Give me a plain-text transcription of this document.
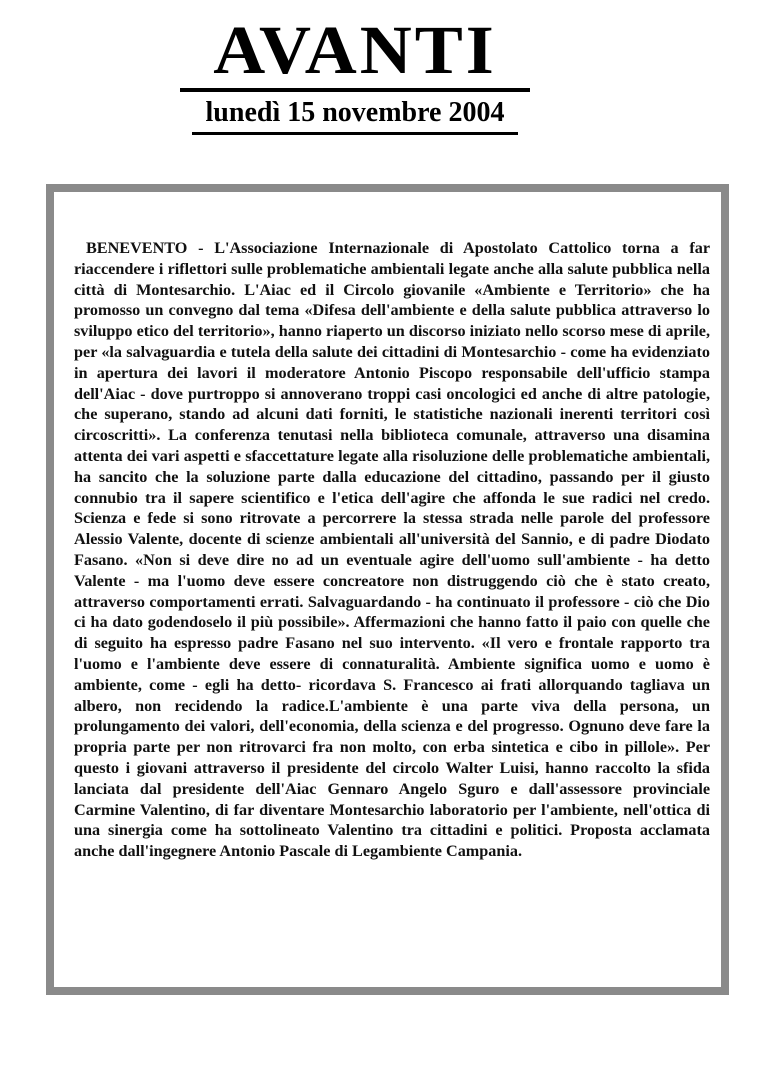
AVANTI
lunedì 15 novembre 2004

BENEVENTO - L'Associazione Internazionale di Apostolato Cattolico torna a far riaccendere i riflettori sulle problematiche ambientali legate anche alla salute pubblica nella città di Montesarchio. L'Aiac ed il Circolo giovanile «Ambiente e Territorio» che ha promosso un convegno dal tema «Difesa dell'ambiente e della salute pubblica attraverso lo sviluppo etico del territorio», hanno riaperto un discorso iniziato nello scorso mese di aprile, per «la salvaguardia e tutela della salute dei cittadini di Montesarchio - come ha evidenziato in apertura dei lavori il moderatore Antonio Piscopo responsabile dell'ufficio stampa dell'Aiac - dove purtroppo si annoverano troppi casi oncologici ed anche di altre patologie, che superano, stando ad alcuni dati forniti, le statistiche nazionali inerenti territori così circoscritti». La conferenza tenutasi nella biblioteca comunale, attraverso una disamina attenta dei vari aspetti e sfaccettature legate alla risoluzione delle problematiche ambientali, ha sancito che la soluzione parte dalla educazione del cittadino, passando per il giusto connubio tra il sapere scientifico e l'etica dell'agire che affonda le sue radici nel credo. Scienza e fede si sono ritrovate a percorrere la stessa strada nelle parole del professore Alessio Valente, docente di scienze ambientali all'università del Sannio, e di padre Diodato Fasano. «Non si deve dire no ad un eventuale agire dell'uomo sull'ambiente - ha detto Valente - ma l'uomo deve essere concreatore non distruggendo ciò che è stato creato, attraverso comportamenti errati. Salvaguardando - ha continuato il professore - ciò che Dio ci ha dato godendoselo il più possibile». Affermazioni che hanno fatto il paio con quelle che di seguito ha espresso padre Fasano nel suo intervento. «Il vero e frontale rapporto tra l'uomo e l'ambiente deve essere di connaturalità. Ambiente significa uomo e uomo è ambiente, come - egli ha detto- ricordava S. Francesco ai frati allorquando tagliava un albero, non recidendo la radice.L'ambiente è una parte viva della persona, un prolungamento dei valori, dell'economia, della scienza e del progresso. Ognuno deve fare la propria parte per non ritrovarci fra non molto, con erba sintetica e cibo in pillole». Per questo i giovani attraverso il presidente del circolo Walter Luisi, hanno raccolto la sfida lanciata dal presidente dell'Aiac Gennaro Angelo Sguro e dall'assessore provinciale Carmine Valentino, di far diventare Montesarchio laboratorio per l'ambiente, nell'ottica di una sinergia come ha sottolineato Valentino tra cittadini e politici. Proposta acclamata anche dall'ingegnere Antonio Pascale di Legambiente Campania.
